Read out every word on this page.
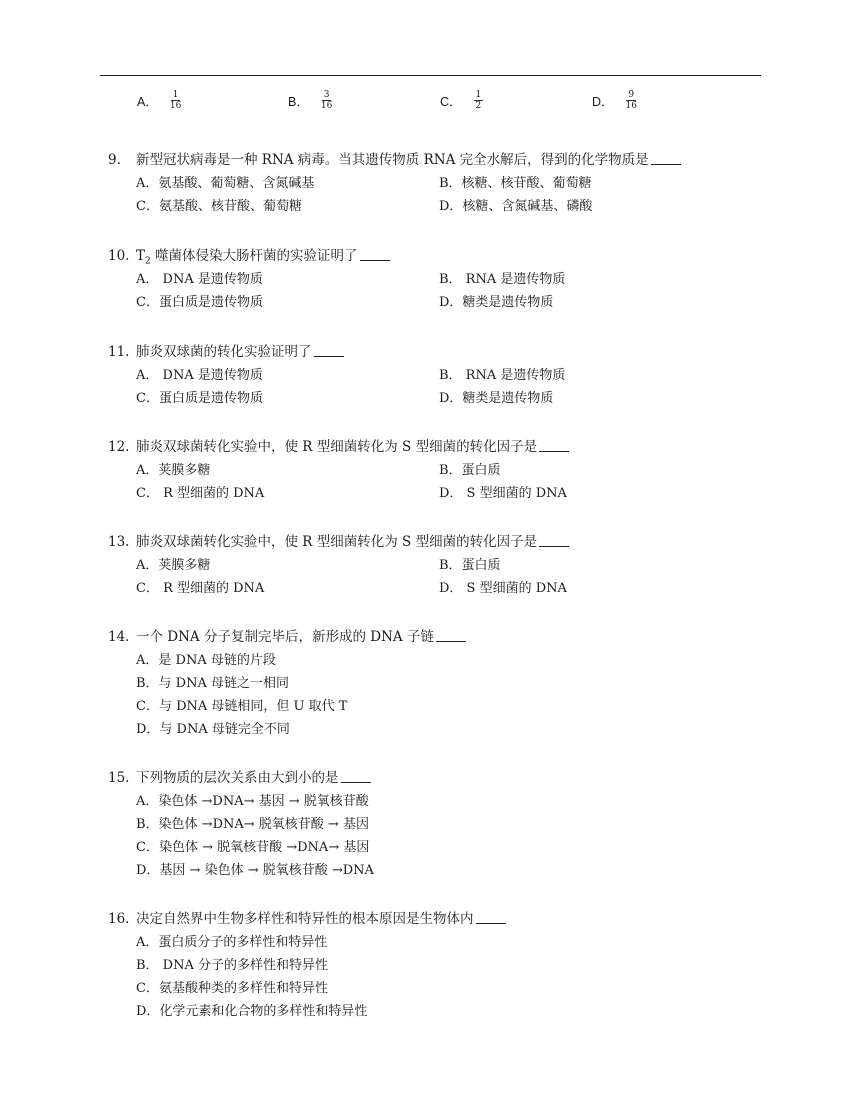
A． $\frac{1}{16}$	B． $\frac{3}{16}$	C． $\frac{1}{2}$	D． $\frac{9}{16}$
9. 新型冠状病毒是一种 RNA 病毒。当其遗传物质 RNA 完全水解后，得到的化学物质是
A．氨基酸、葡萄糖、含氮碱基	B．核糖、核苷酸、葡萄糖
C．氨基酸、核苷酸、葡萄糖	D．核糖、含氮碱基、磷酸
10. $T_2$ 噬菌体侵染大肠杆菌的实验证明了
A． DNA 是遗传物质	B． RNA 是遗传物质
C．蛋白质是遗传物质	D．糖类是遗传物质
11. 肺炎双球菌的转化实验证明了
A． DNA 是遗传物质	B． RNA 是遗传物质
C．蛋白质是遗传物质	D．糖类是遗传物质
12. 肺炎双球菌转化实验中，使 R 型细菌转化为 S 型细菌的转化因子是
A．荚膜多糖	B．蛋白质
C． R 型细菌的 DNA	D． S 型细菌的 DNA
13. 肺炎双球菌转化实验中，使 R 型细菌转化为 S 型细菌的转化因子是
A．荚膜多糖	B．蛋白质
C． R 型细菌的 DNA	D． S 型细菌的 DNA
14. 一个 DNA 分子复制完毕后，新形成的 DNA 子链
A．是 DNA 母链的片段
B．与 DNA 母链之一相同
C．与 DNA 母链相同，但 U 取代 T
D．与 DNA 母链完全不同
15. 下列物质的层次关系由大到小的是
A．染色体 →DNA→ 基因 → 脱氧核苷酸
B．染色体 →DNA→ 脱氧核苷酸 → 基因
C．染色体 → 脱氧核苷酸 →DNA→ 基因
D．基因 → 染色体 → 脱氧核苷酸 →DNA
16. 决定自然界中生物多样性和特异性的根本原因是生物体内
A．蛋白质分子的多样性和特异性
B． DNA 分子的多样性和特异性
C．氨基酸种类的多样性和特异性
D．化学元素和化合物的多样性和特异性
